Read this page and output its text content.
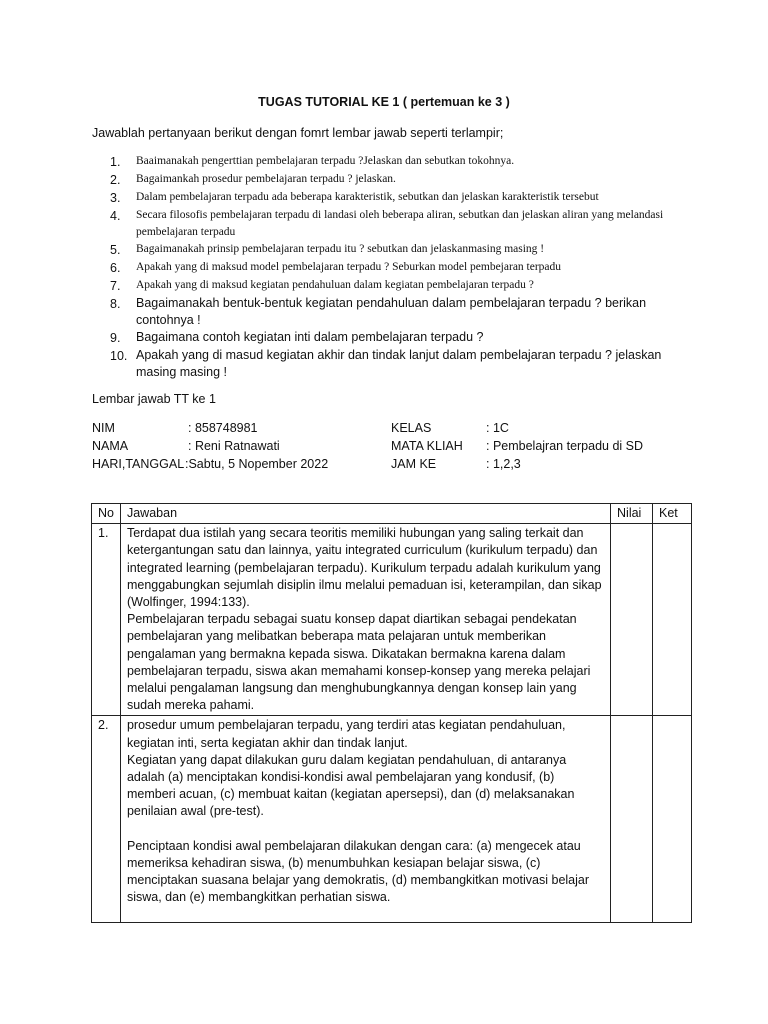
TUGAS TUTORIAL KE 1 ( pertemuan ke 3 )
Jawablah pertanyaan berikut dengan fomrt lembar jawab seperti terlampir;
1.	Baaimanakah pengerttian pembelajaran terpadu ?Jelaskan dan sebutkan tokohnya.
2.	Bagaimankah prosedur pembelajaran terpadu ? jelaskan.
3.	Dalam pembelajaran terpadu ada beberapa karakteristik, sebutkan dan jelaskan karakteristik tersebut
4.	Secara filosofis pembelajaran terpadu di landasi oleh beberapa aliran, sebutkan dan jelaskan aliran yang melandasi pembelajaran terpadu
5.	Bagaimanakah prinsip pembelajaran terpadu itu ? sebutkan dan jelaskanmasing masing !
6.	Apakah yang di maksud model pembelajaran terpadu ? Seburkan model pembejaran terpadu
7.	Apakah yang di maksud kegiatan pendahuluan dalam kegiatan pembelajaran terpadu ?
8.	Bagaimanakah bentuk-bentuk kegiatan pendahuluan dalam pembelajaran terpadu ? berikan contohnya !
9.	Bagaimana contoh kegiatan inti dalam pembelajaran terpadu ?
10. Apakah yang di masud kegiatan akhir dan tindak lanjut dalam pembelajaran terpadu ? jelaskan masing masing !
Lembar jawab TT ke 1
NIM	: 858748981	KELAS	: 1C
NAMA	: Reni Ratnawati	MATA KLIAH : Pembelajran terpadu di SD
HARI,TANGGAL :Sabtu, 5 Nopember 2022	JAM KE	: 1,2,3
No	Jawaban	Nilai	Ket
1.	Terdapat dua istilah yang secara teoritis memiliki hubungan yang saling terkait dan ketergantungan satu dan lainnya, yaitu integrated curriculum (kurikulum terpadu) dan integrated learning (pembelajaran terpadu). Kurikulum terpadu adalah kurikulum yang menggabungkan sejumlah disiplin ilmu melalui pemaduan isi, keterampilan, dan sikap (Wolfinger, 1994:133).

Pembelajaran terpadu sebagai suatu konsep dapat diartikan sebagai pendekatan pembelajaran yang melibatkan beberapa mata pelajaran untuk memberikan pengalaman yang bermakna kepada siswa. Dikatakan bermakna karena dalam pembelajaran terpadu, siswa akan memahami konsep-konsep yang mereka pelajari melalui pengalaman langsung dan menghubungkannya dengan konsep lain yang sudah mereka pahami.		

2.	prosedur umum pembelajaran terpadu, yang terdiri atas kegiatan pendahuluan, kegiatan inti, serta kegiatan akhir dan tindak lanjut.

Kegiatan yang dapat dilakukan guru dalam kegiatan pendahuluan, di antaranya adalah (a) menciptakan kondisi-kondisi awal pembelajaran yang kondusif, (b) memberi acuan, (c) membuat kaitan (kegiatan apersepsi), dan (d) melaksanakan penilaian awal (pre-test).

Penciptaan kondisi awal pembelajaran dilakukan dengan cara: (a) mengecek atau memeriksa kehadiran siswa, (b) menumbuhkan kesiapan belajar siswa, (c) menciptakan suasana belajar yang demokratis, (d) membangkitkan motivasi belajar siswa, dan (e) membangkitkan perhatian siswa.		
